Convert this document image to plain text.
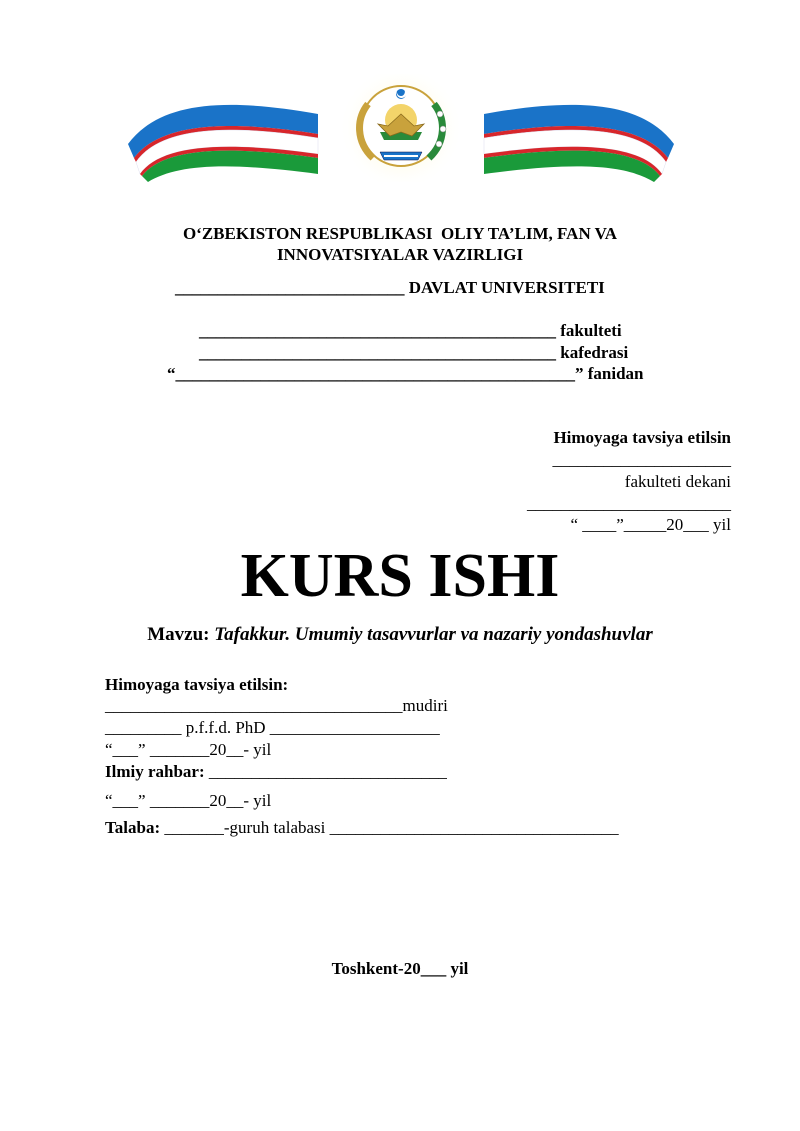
O‘ZBEKISTON RESPUBLIKASI  OLIY TA’LIM, FAN VA
INNOVATSIYALAR VAZIRLIGI
___________________________ DAVLAT UNIVERSITETI
__________________________________________ fakulteti
__________________________________________ kafedrasi
“_______________________________________________” fanidan
Himoyaga tavsiya etilsin
_____________________
fakulteti dekani
________________________
“ ____”_____20___ yil
KURS ISHI
Mavzu: Tafakkur. Umumiy tasavvurlar va nazariy yondashuvlar
Himoyaga tavsiya etilsin:
___________________________________mudiri
_________ p.f.f.d. PhD ____________________
“___” _______20__- yil
Ilmiy rahbar: ____________________________
“___” _______20__- yil
Talaba: _______-guruh talabasi __________________________________
Toshkent-20___ yil
